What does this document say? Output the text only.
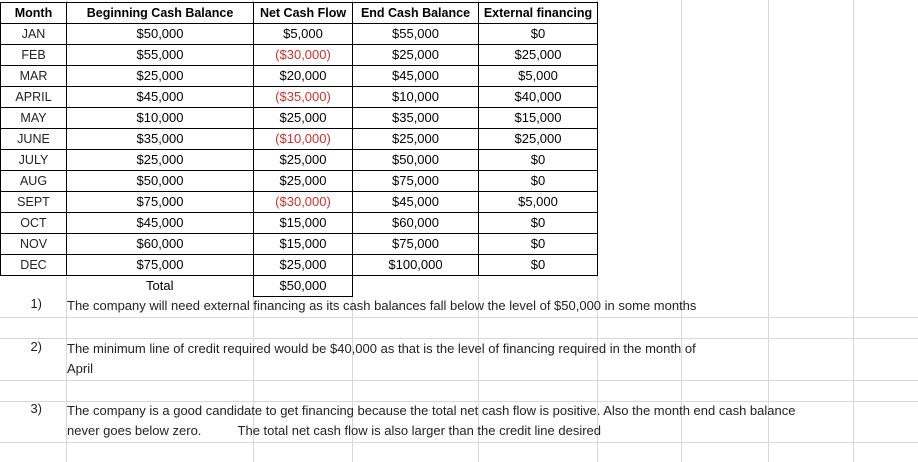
Month	Beginning Cash Balance	Net Cash Flow	End Cash Balance	External financing
JAN	$50,000	$5,000	$55,000	$0
FEB	$55,000	($30,000)	$25,000	$25,000
MAR	$25,000	$20,000	$45,000	$5,000
APRIL	$45,000	($35,000)	$10,000	$40,000
MAY	$10,000	$25,000	$35,000	$15,000
JUNE	$35,000	($10,000)	$25,000	$25,000
JULY	$25,000	$25,000	$50,000	$0
AUG	$50,000	$25,000	$75,000	$0
SEPT	$75,000	($30,000)	$45,000	$5,000
OCT	$45,000	$15,000	$60,000	$0
NOV	$60,000	$15,000	$75,000	$0
DEC	$75,000	$25,000	$100,000	$0
	Total	$50,000		
1) The company will need external financing as its cash balances fall below the level of $50,000 in some months
2) The minimum line of credit required would be $40,000 as that is the level of financing required in the month of
April
3) The company is a good candidate to get financing because the total net cash flow is positive. Also the month end cash balance
never goes below zero.          The total net cash flow is also larger than the credit line desired
